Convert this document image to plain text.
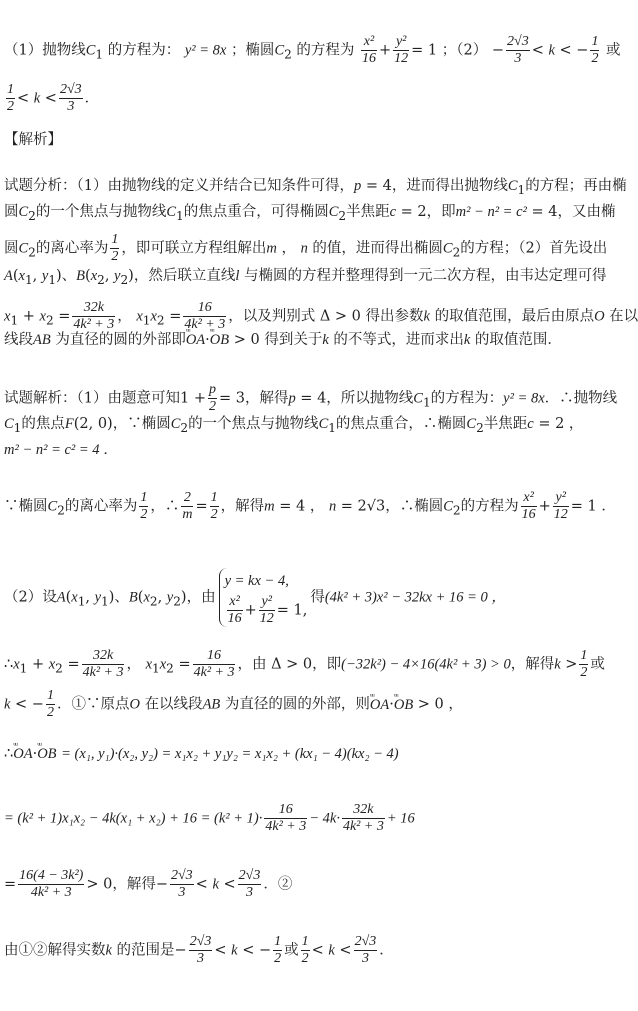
（1）抛物线$C_1$ 的方程为： y² = 8x ；椭圆$C_2$ 的方程为 $\frac{\text{x²}}{16} + \frac{\text{y²}}{12} = 1$ ；$(2) - \frac{2√3}{3} < k$ < − $\frac{1}{2}$ 或
$\frac{1}{2} < k < \frac{2√3}{3}$ ．
【解析】
试题分析：（1）由抛物线的定义并结合已知条件可得，p = 4，进而得出抛物线$C_1$的方程；再由椭
圆$C_2$的一个焦点与抛物线$C_1$的焦点重合，可得椭圆$C_2$半焦距c = 2，即m² − n² = c² = 4，又由椭
圆$C_2$的离心率为 $\frac{1}{2}$ ，即可联立方程组解出m ， n 的值，进而得出椭圆$C_2$的方程；（2）首先设出
$A(x_1$, $y_1$)、$B(x_2$, $y_2$)，然后联立直线l 与椭圆的方程并整理得到一元二次方程，由韦达定理可得
$x_1 + x_2 = \frac{32k}{\text{4k² + 3}}$ ， $x_1x_2 = \frac{16}{\text{4k² + 3}}$ ，以及判别式 Δ > 0 得出参数k 的取值范围，最后由原点O 在以
线段AB 为直径的圆的外部即ᵘᵘ OA·ᵘᵘ OB > 0 得到关于k 的不等式，进而求出k 的取值范围．
试题解析：（1）由题意可知$1 + \frac{p}{2} = 3$，解得p = 4，所以抛物线$C_1$的方程为：y² = 8x．∴抛物线
$C_1$的焦点F(2, 0)，∵椭圆$C_2$的一个焦点与抛物线$C_1$的焦点重合，∴椭圆$C_2$半焦距c = 2 ，
m² − n² = c² = 4 ．
∵椭圆$C_2$的离心率为 $\frac{1}{2}$ ，∴ $\frac{2}{m} = \frac{1}{2}$ ，解得m = 4 ， n = 2√3，∴椭圆$C_2$的方程为 $\frac{\text{x²}}{16} + \frac{\text{y²}}{12} = 1$ ．
（2）设$A(x_1$, $y_1$)、$B(x_2$, $y_2$)，由
y = kx − 4,
$\frac{\text{x²}}{16} + \frac{\text{y²}}{12} = 1$,
得(4k² + 3)x² − 32kx + 16 = 0 ，
$\therefore x_1 + x_2 = \frac{32k}{\text{4k² + 3}}$ ， $x_1x_2 = \frac{16}{\text{4k² + 3}}$ ，由 Δ > 0，即(−32k²) − 4×16(4k² + 3) > 0，解得$k > \frac{1}{2}$ 或
k < − $\frac{1}{2}$ ．①∵原点O 在以线段AB 为直径的圆的外部，则ᵘᵘ OA·ᵘᵘ OB > 0 ，
∴ᵘᵘ OA·ᵘᵘ OB = (x₁, y₁)·(x₂, y₂) = x₁x₂ + y₁y₂ = x₁x₂ + (kx₁ − 4)(kx₂ − 4)
= $(k^2 + 1)x_1x_2 - 4k(x_1 + x_2) + 16 = (k^2 + 1)\cdot \frac{16}{\text{4k² + 3}} - 4k\cdot \frac{32k}{\text{4k² + 3}} + 16$
= $\frac{\text{16(4 − 3k²)}}{\text{4k² + 3}} > 0$，解得− $\frac{2√3}{3} < k < \frac{2√3}{3}$ ．②
由①②解得实数k 的范围是− $\frac{2√3}{3} < k$ < − $\frac{1}{2}$ 或 $\frac{1}{2} < k < \frac{2√3}{3}$ ．
